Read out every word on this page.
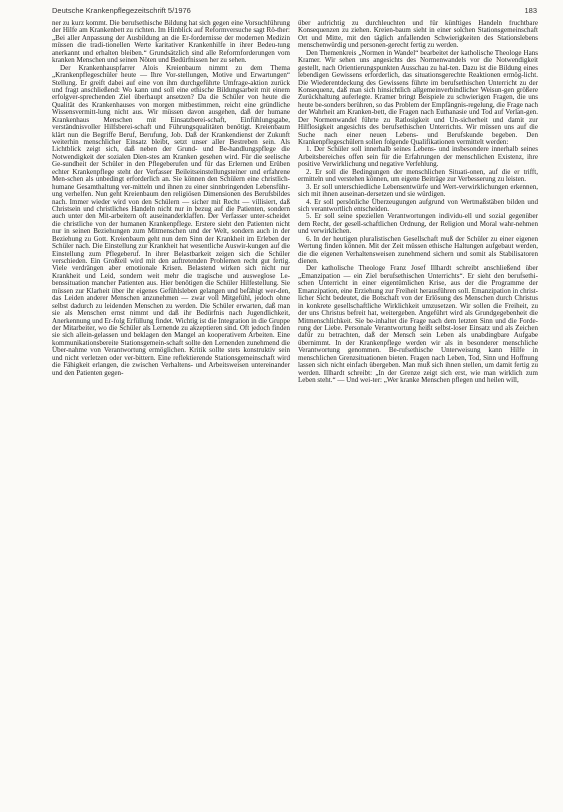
Deutsche Krankenpflegezeitschrift 5/1976	183

ner zu kurz kommt. Die berufsethische Bildung hat sich gegen eine Vorsuchführung der Hilfe am Krankenbett zu richten. Im Hinblick auf Reformversuche sagt Rö-ther: „Bei aller Anpassung der Ausbildung an die Er-fordernisse der modernen Medizin müssen die tradi-tionellen Werte karitativer Krankenhilfe in ihrer Bedeu-tung anerkannt und erhalten bleiben.“ Grundsätzlich sind alle Reformforderungen vom kranken Menschen und seinen Nöten und Bedürfnissen her zu sehen.

Der Krankenhauspfarrer Alois Kreienbaum nimmt zu dem Thema „Krankenpflegeschüler heute — Ihre Vor-stellungen, Motive und Erwartungen“ Stellung. Er greift dabei auf eine von ihm durchgeführte Umfrage-aktion zurück und fragt anschließend: Wo kann und soll eine ethische Bildungsarbeit mit einem erfolgver-sprechenden Ziel überhaupt ansetzen? Da die Schüler von heute die Qualität des Krankenhauses von morgen mitbestimmen, reicht eine gründliche Wissensvermitt-lung nicht aus. Wir müssen davon ausgehen, daß der humane Krankenhaus Menschen mit Einsatzberei-schaft, Einfühlungsgabe, verständnisvoller Hilfsberei-schaft und Führungsqualitäten benötigt. Kreienbaum klärt nun die Begriffe Beruf, Berufung, Job. Daß der Krankendienst der Zukunft weiterhin menschlicher Einsatz bleibt, setzt unser aller Bestreben sein. Als Lichtblick zeigt sich, daß neben der Grund- und Be-handlungspflege die Notwendigkeit der sozialen Dien-stes am Kranken gesehen wird. Für die seelische Ge-sundheit der Schüler in den Pflegeberufen und für das Erlernen und Erüben echter Krankenpflege steht der Verfasser Beileitseinstellungsteiner und erfahrene Men-schen als unbedingt erforderlich an. Sie können den Schülern eine christlich-humane Gesamthaltung ver-mitteln und ihnen zu einer sinnbringenden Lebensführ-ung verhelfen. Nun geht Kreienbaum den religiösen Dimensionen des Berufsbildes nach. Immer wieder wird von den Schülern — sicher mit Recht — villisiert, daß Christsein und christliches Handeln nicht nur in bezug auf die Patienten, sondern auch unter den Mit-arbeitern oft auseinanderklaffen. Der Verfasser unter-scheidet die christliche von der humanen Krankenpflege. Erstere sieht den Patienten nicht nur in seinen Beziehungen zum Mitmenschen und der Welt, sondern auch in der Beziehung zu Gott. Kreienbaum geht nun dem Sinn der Krankheit im Erleben der Schüler nach. Die Einstellung zur Krankheit hat wesentliche Auswir-kungen auf die Einstellung zum Pflegeberuf. In ihrer Belastbarkeit zeigen sich die Schüler verschieden. Ein Großteil wird mit den auftretenden Problemen recht gut fertig. Viele verdrängen aber emotionale Krisen. Belastend wirken sich nicht nur Krankheit und Leid, sondern weit mehr die tragische und ausweglose Le-benssituation mancher Patienten aus. Hier benötigen die Schüler Hilfestellung. Sie müssen zur Klarheit über ihr eigenes Gefühlsleben gelangen und befähigt wer-den, das Leiden anderer Menschen anzunehmen — zwar voll Mitgefühl, jedoch ohne selbst dadurch zu leidenden Menschen zu werden. Die Schüler erwarten, daß man sie als Menschen ernst nimmt und daß ihr Bedürfnis nach Jugendlichkeit, Anerkennung und Er-folg Erfüllung findet. Wichtig ist die Integration in die Gruppe der Mitarbeiter, wo die Schüler als Lernende zu akzeptieren sind. Oft jedoch finden sie sich allein-gelassen und beklagen den Mangel an kooperativem Arbeiten. Eine kommunikationsbereite Stationsgemein-schaft sollte den Lernenden zunehmend die Über-nahme von Verantwortung ermöglichen. Kritik sollte stets konstruktiv sein und nicht verletzen oder ver-bittern. Eine reflektierende Stationsgemeinschaft wird die Fähigkeit erlangen, die zwischen Verhaltens- und Arbeitsweisen untereinander und den Patienten gegen-

über aufrichtig zu durchleuchten und für künftiges Handeln fruchtbare Konsequenzen zu ziehen. Kreien-baum sieht in einer solchen Stationsgemeinschaft Ort und Mitte, mit den täglich anfallenden Schwierigkeiten des Stationslebens menschenwürdig und personen-gerecht fertig zu werden.

Den Themenkreis „Normen in Wandel“ bearbeitet der katholische Theologe Hans Kramer. Wir sehen uns angesichts des Normenwandels vor die Notwendigkeit gestellt, nach Orientierungspunkten Ausschau zu hal-ten. Dazu ist die Bildung eines lebendigen Gewissens erforderlich, das situationsgerechte Reaktionen ermög-licht. Die Wiederentdeckung des Gewissens führte im berufsethischen Unterricht zu der Konsequenz, daß man sich hinsichtlich allgemeinverbindlicher Weisun-gen größere Zurückhaltung auferlegte. Kramer bringt Beispiele zu schwierigen Fragen, die uns heute be-sonders berühren, so das Problem der Empfängnis-regelung, die Frage nach der Wahrheit am Kranken-bett, die Fragen nach Euthanasie und Tod auf Verlan-gen. Der Normenwandel führte zu Ratlosigkeit und Un-sicherheit und damit zur Hilflosigkeit angesichts des berufsethischen Unterrichts. Wir müssen uns auf die Suche nach einer neuen Lebens- und Berufskunde begeben. Den Krankenpflegeschülern sollen folgende Qualifikationen vermittelt werden:

1. Der Schüler soll innerhalb seines Lebens- und insbesondere innerhalb seines Arbeitsbereiches offen sein für die Erfahrungen der menschlichen Existenz, ihre positive Verwirklichung und negative Verfehlung.

2. Er soll die Bedingungen der menschlichen Situati-onen, auf die er trifft, ermitteln und verstehen können, um eigene Beiträge zur Verbesserung zu leisten.

3. Er soll unterschiedliche Lebensentwürfe und Wert-verwirklichungen erkennen, sich mit ihnen auseinan-dersetzen und sie würdigen.

4. Er soll persönliche Überzeugungen aufgrund von Wertmaßstäben bilden und sich verantwortlich entscheiden.

5. Er soll seine speziellen Verantwortungen individu-ell und sozial gegenüber dem Recht, der gesell-schaftlichen Ordnung, der Religion und Moral wahr-nehmen und verwirklichen.

6. In der heutigen pluralistischen Gesellschaft muß der Schüler zu einer eigenen Wertung finden können. Mit der Zeit müssen ethische Haltungen aufgebaut werden, die die eigenen Verhaltensweisen zunehmend sichern und somit als Stabilisatoren dienen.

Der katholische Theologe Franz Josef Illhardt schreibt anschließend über „Emanzipation — ein Ziel berufsethischen Unterrichts“. Er sieht den berufsethi-schen Unterricht in einer eigentümlichen Krise, aus der die Programme der Emanzipation, eine Erziehung zur Freiheit herausführen soll. Emanzipation in christ-licher Sicht bedeutet, die Botschaft von der Erlösung des Menschen durch Christus in konkrete gesellschaftliche Wirklichkeit umzusetzen. Wir sollen die Freiheit, zu der uns Christus befreit hat, weitergeben. Angeführt wird als Grundgegebenheit die Mitmenschlichkeit. Sie be-inhaltet die Frage nach dem letzten Sinn und die Forde-rung der Liebe. Personale Verantwortung heißt selbst-loser Einsatz und als Zeichen dafür zu betrachten, daß der Mensch sein Leben als unabdingbare Aufgabe übernimmt. In der Krankenpflege werden wir als in besonderer menschliche Verantwortung genommen. Be-rufsethische Unterweisung kann Hilfe in menschlichen Grenzsituationen bieten. Fragen nach Leben, Tod, Sinn und Hoffnung lassen sich nicht einfach übergeben. Man muß sich ihnen stellen, um damit fertig zu werden. Illhardt schreibt: „In der Grenze zeigt sich erst, wie man wirklich zum Leben steht.“ — Und wei-ter: „Wer kranke Menschen pflegen und heilen will,
